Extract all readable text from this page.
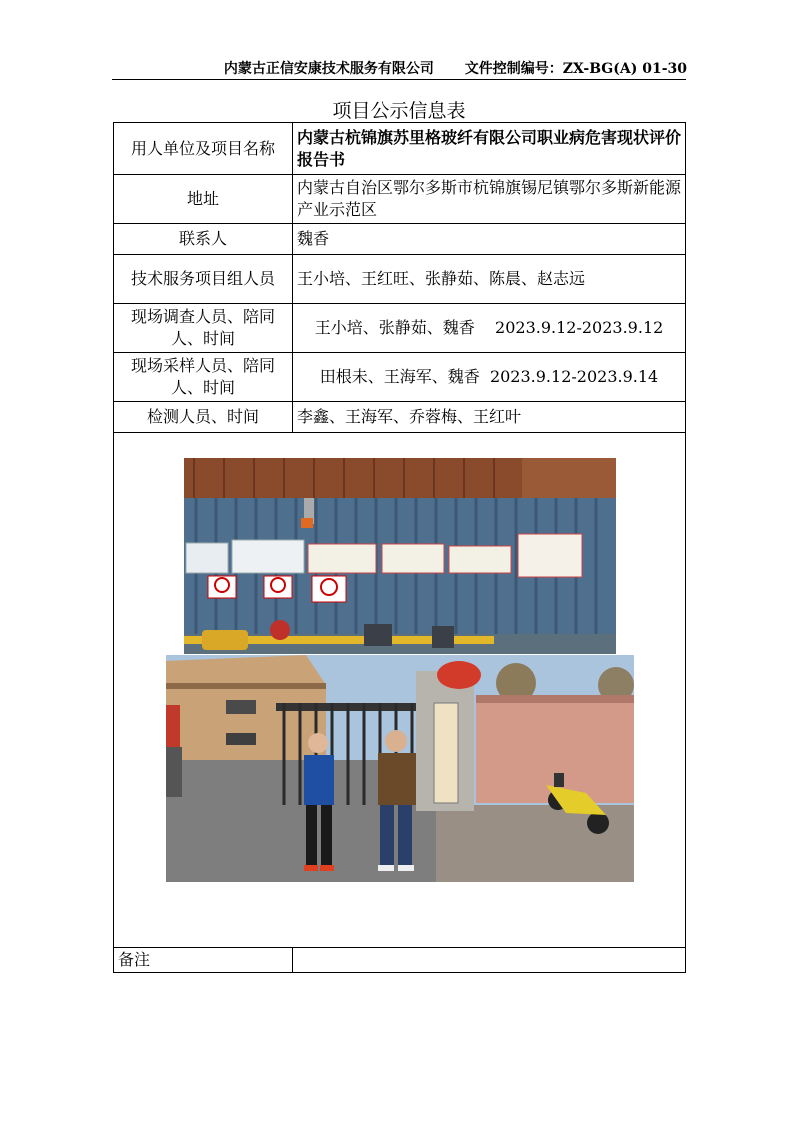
内蒙古正信安康技术服务有限公司 文件控制编号：ZX-BG(A) 01-30
项目公示信息表
用人单位及项目名称	内蒙古杭锦旗苏里格玻纤有限公司职业病危害现状评价报告书
地址	内蒙古自治区鄂尔多斯市杭锦旗锡尼镇鄂尔多斯新能源产业示范区
联系人	魏香
技术服务项目组人员	王小培、王红旺、张静茹、陈晨、赵志远
现场调查人员、陪同人、时间	王小培、张静茹、魏香    2023.9.12-2023.9.12
现场采样人员、陪同人、时间	田根未、王海军、魏香  2023.9.12-2023.9.14
检测人员、时间	李鑫、王海军、乔蓉梅、王红叶

备注	
